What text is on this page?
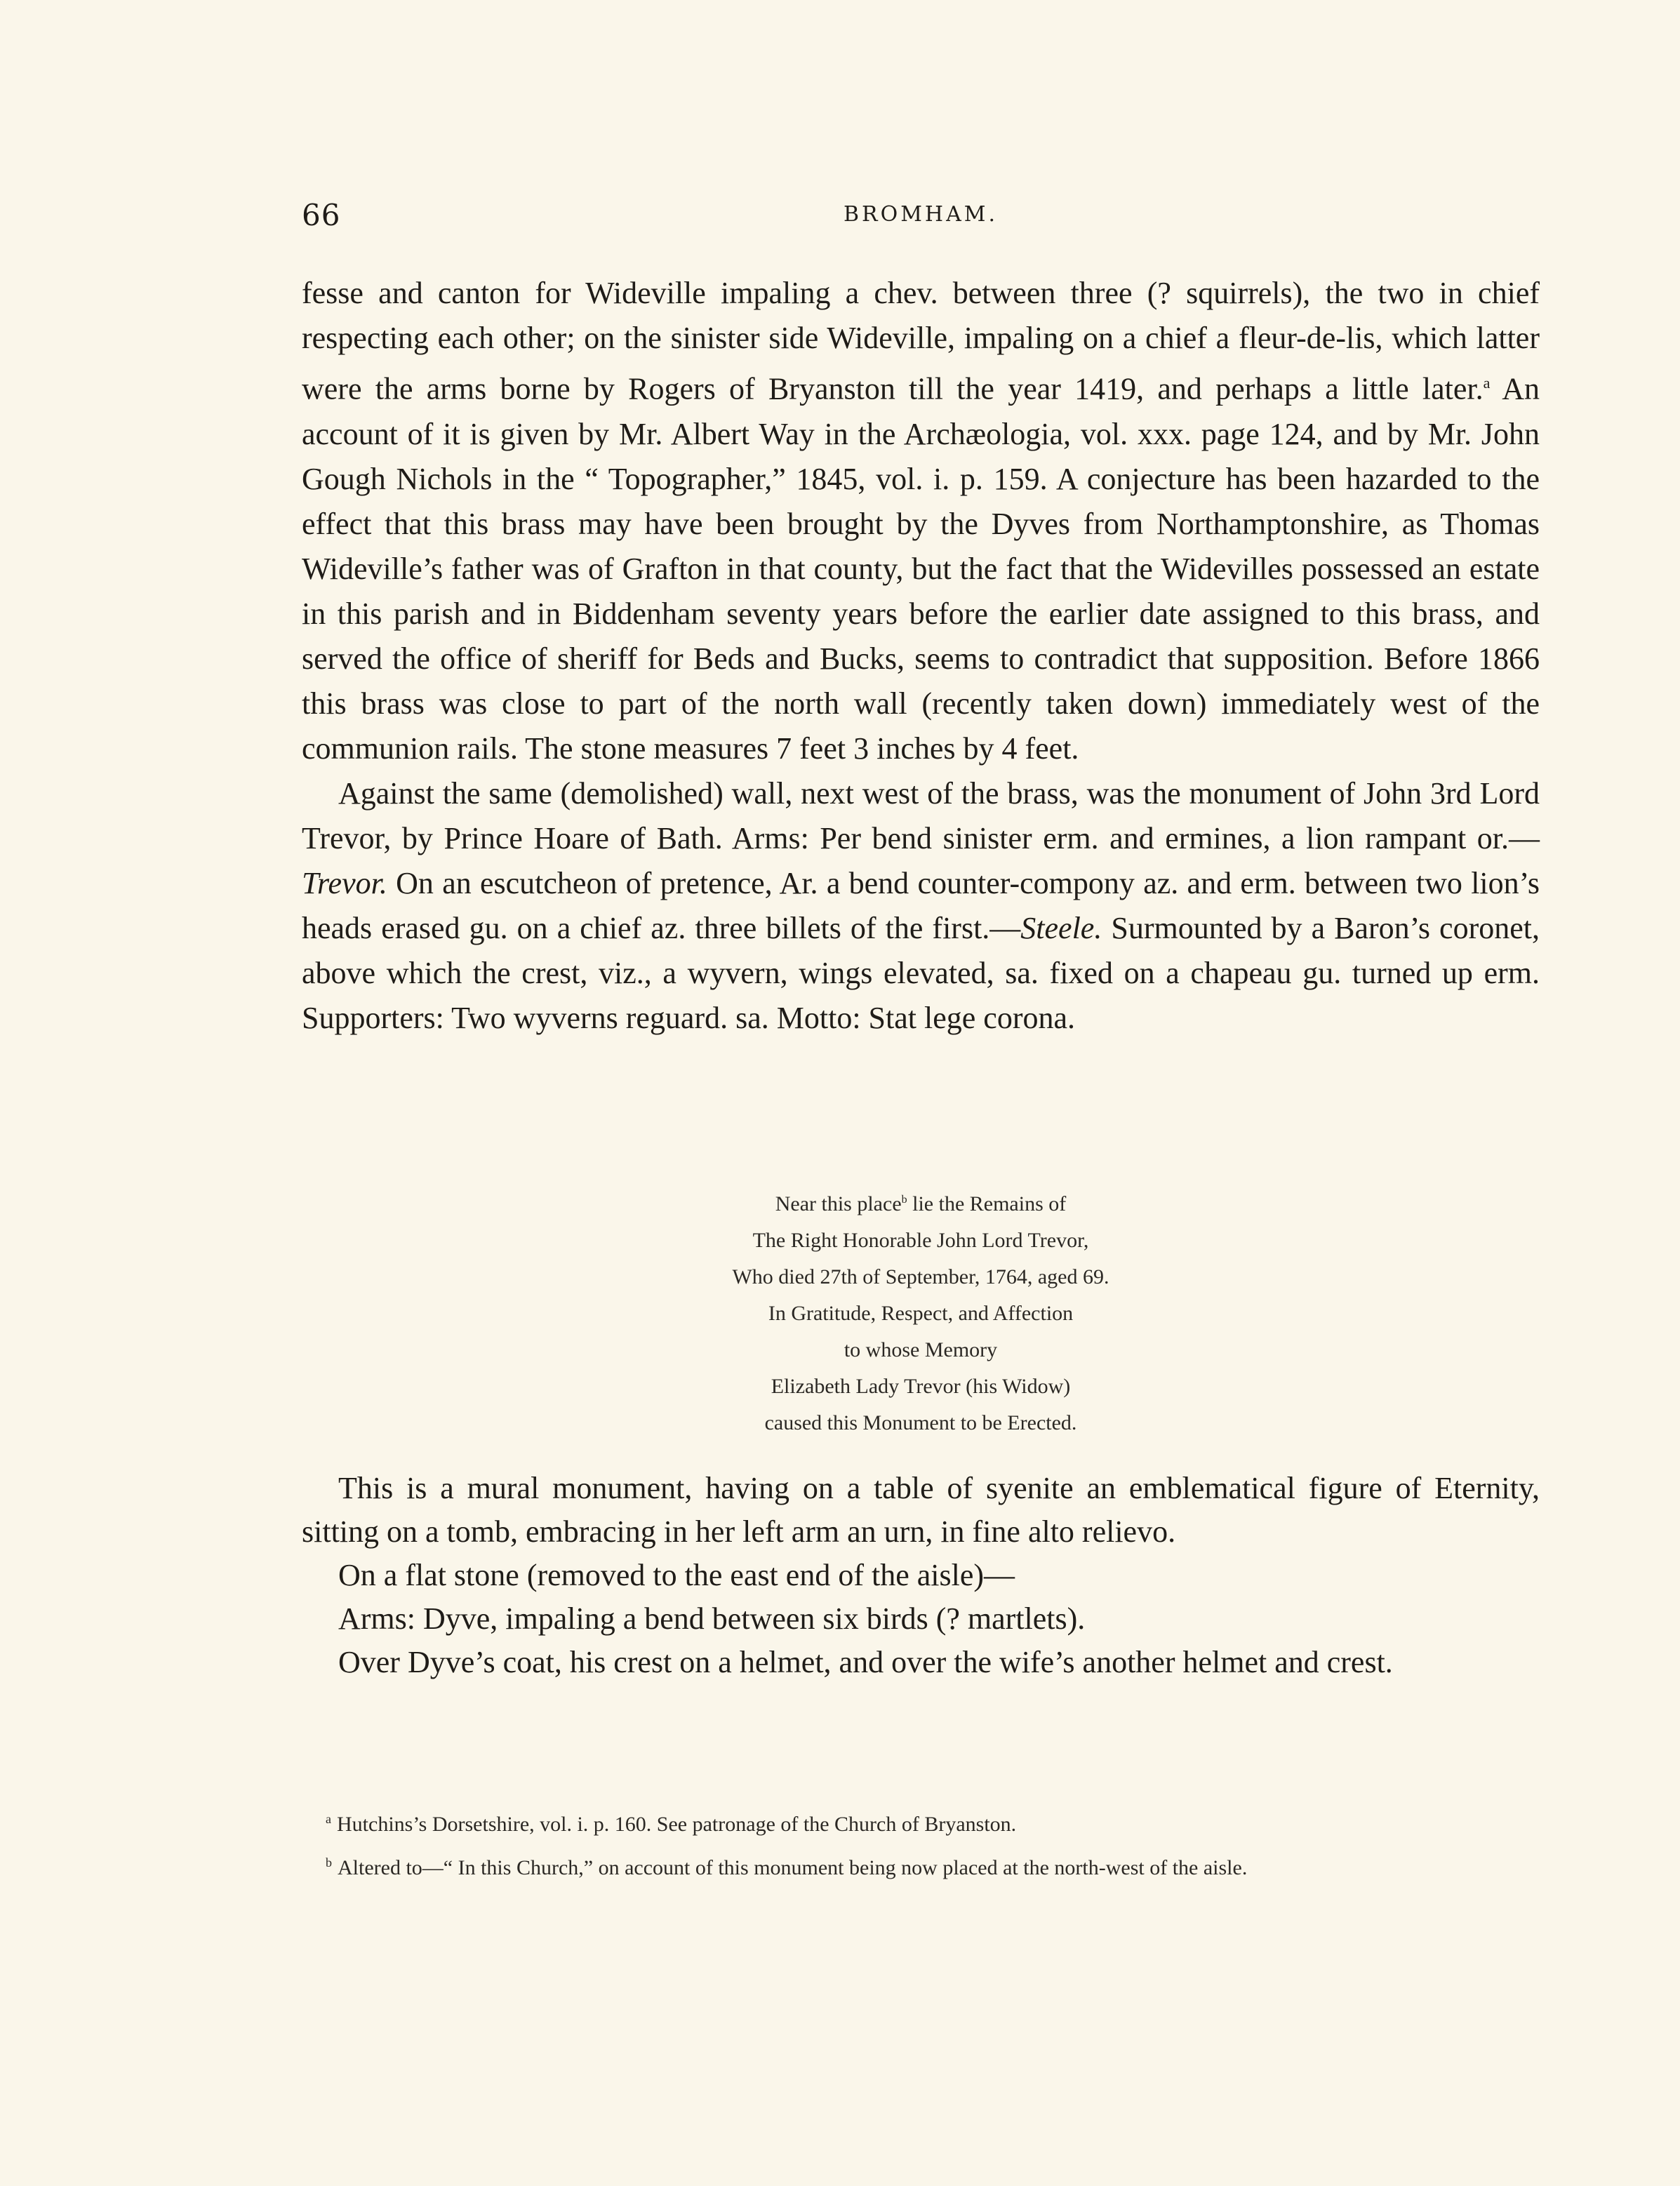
66	BROMHAM.

fesse and canton for Wideville impaling a chev. between three (? squirrels), the two in chief respecting each other; on the sinister side Wideville, impaling on a chief a fleur-de-lis, which latter were the arms borne by Rogers of Bryanston till the year 1419, and perhaps a little later.$^a$ An account of it is given by Mr. Albert Way in the Archæologia, vol. xxx. page 124, and by Mr. John Gough Nichols in the “ Topographer,” 1845, vol. i. p. 159. A conjecture has been hazarded to the effect that this brass may have been brought by the Dyves from Northamptonshire, as Thomas Wideville’s father was of Grafton in that county, but the fact that the Widevilles possessed an estate in this parish and in Biddenham seventy years before the earlier date assigned to this brass, and served the office of sheriff for Beds and Bucks, seems to contradict that supposition. Before 1866 this brass was close to part of the north wall (recently taken down) immediately west of the communion rails. The stone measures 7 feet 3 inches by 4 feet.

Against the same (demolished) wall, next west of the brass, was the monument of John 3rd Lord Trevor, by Prince Hoare of Bath. Arms: Per bend sinister erm. and ermines, a lion rampant or.—Trevor. On an escutcheon of pretence, Ar. a bend counter-compony az. and erm. between two lion’s heads erased gu. on a chief az. three billets of the first.—Steele. Surmounted by a Baron’s coronet, above which the crest, viz., a wyvern, wings elevated, sa. fixed on a chapeau gu. turned up erm. Supporters: Two wyverns reguard. sa. Motto: Stat lege corona.

Near this place$^b$ lie the Remains of
The Right Honorable John Lord Trevor,
Who died 27th of September, 1764, aged 69.
In Gratitude, Respect, and Affection
to whose Memory
Elizabeth Lady Trevor (his Widow)
caused this Monument to be Erected.

This is a mural monument, having on a table of syenite an emblematical figure of Eternity, sitting on a tomb, embracing in her left arm an urn, in fine alto relievo.

On a flat stone (removed to the east end of the aisle)—

Arms: Dyve, impaling a bend between six birds (? martlets).

Over Dyve’s coat, his crest on a helmet, and over the wife’s another helmet and crest.

$^a$ Hutchins’s Dorsetshire, vol. i. p. 160. See patronage of the Church of Bryanston.

$^b$ Altered to—“ In this Church,” on account of this monument being now placed at the north-west of the aisle.
